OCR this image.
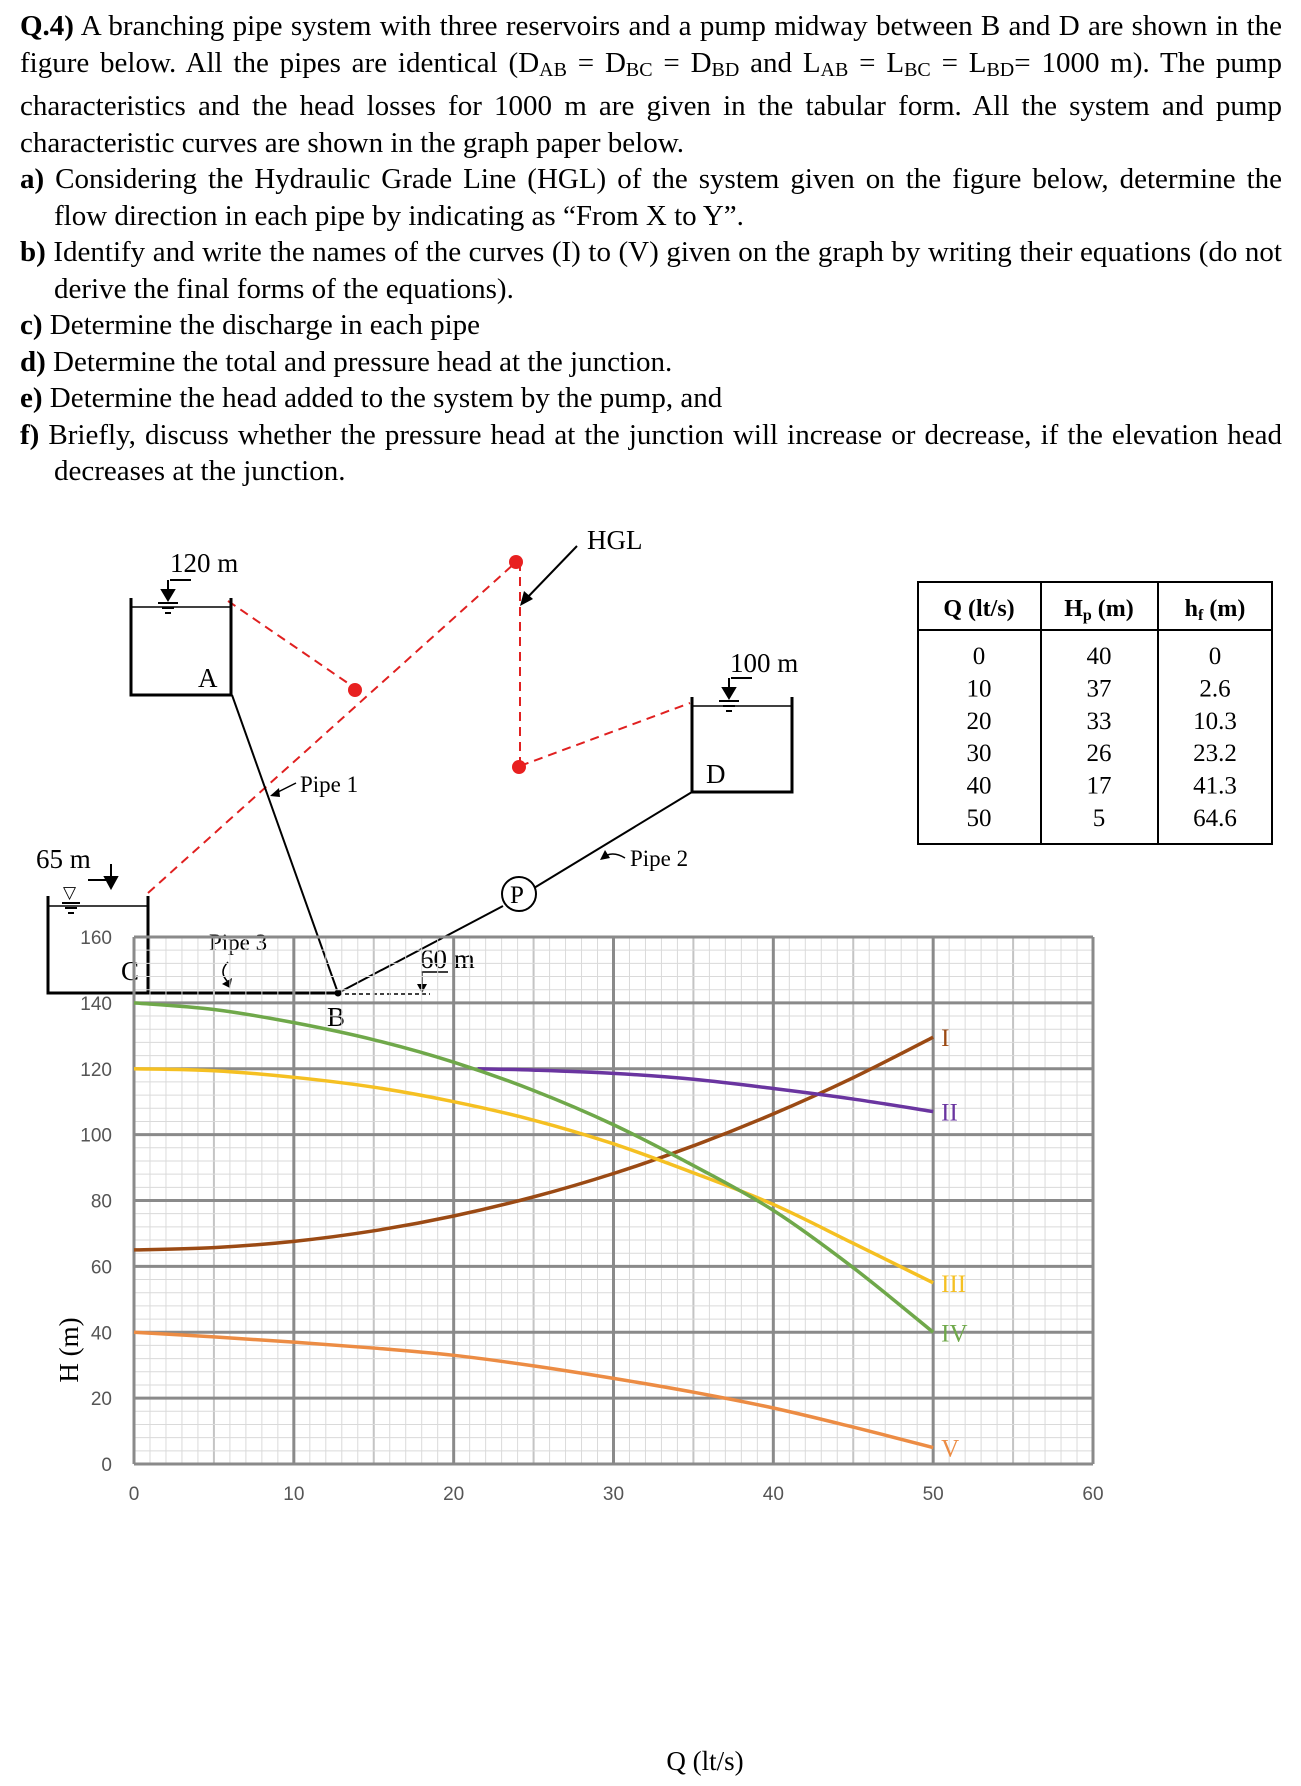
Q.4) A branching pipe system with three reservoirs and a pump midway between B and D are shown in the figure below. All the pipes are identical ($D_{AB} = D_{BC} = D_{BD}$ and $L_{AB} = L_{BC} = L_{BD}= 1000$ m). The pump characteristics and the head losses for 1000 m are given in the tabular form. All the system and pump characteristic curves are shown in the graph paper below.

a) Considering the Hydraulic Grade Line (HGL) of the system given on the figure below, determine the flow direction in each pipe by indicating as “From X to Y”.

b) Identify and write the names of the curves (I) to (V) given on the graph by writing their equations (do not derive the final forms of the equations).

c) Determine the discharge in each pipe

d) Determine the total and pressure head at the junction.

e) Determine the head added to the system by the pump, and

f) Briefly, discuss whether the pressure head at the junction will increase or decrease, if the elevation head decreases at the junction.

HGL
120 m
A	100 m
D
▽
65 m
C
P
Pipe 1
Pipe 2
Pipe 3
B
60 m
Q (lt/s) Hp (m) hf (m)
0	40	0
10	37	2.6
20	33	10.3
30	26	23.2
40	17	41.3
50	5	64.6
0	10	20	30	40	50	60
0
20
40
60
80
100
120
140
160
I
II
III
IV
V
Q (lt/s)
H (m)
